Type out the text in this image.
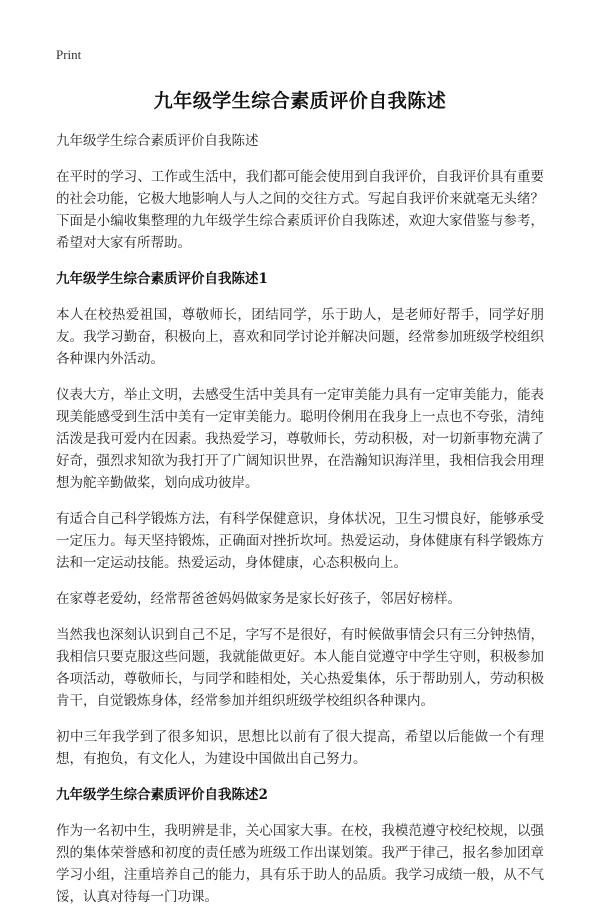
Print
九年级学生综合素质评价自我陈述
九年级学生综合素质评价自我陈述

在平时的学习、工作或生活中，我们都可能会使用到自我评价，自我评价具有重要的社会功能，它极大地影响人与人之间的交往方式。写起自我评价来就毫无头绪？下面是小编收集整理的九年级学生综合素质评价自我陈述，欢迎大家借鉴与参考，希望对大家有所帮助。

九年级学生综合素质评价自我陈述1

本人在校热爱祖国，尊敬师长，团结同学，乐于助人，是老师好帮手，同学好朋友。我学习勤奋，积极向上，喜欢和同学讨论并解决问题，经常参加班级学校组织各种课内外活动。

仪表大方，举止文明，去感受生活中美具有一定审美能力具有一定审美能力，能表现美能感受到生活中美有一定审美能力。聪明伶俐用在我身上一点也不夸张，清纯活泼是我可爱内在因素。我热爱学习，尊敬师长，劳动积极，对一切新事物充满了好奇，强烈求知欲为我打开了广阔知识世界，在浩瀚知识海洋里，我相信我会用理想为舵辛勤做桨，划向成功彼岸。

有适合自己科学锻炼方法，有科学保健意识，身体状况，卫生习惯良好，能够承受一定压力。每天坚持锻炼，正确面对挫折坎坷。热爱运动，身体健康有科学锻炼方法和一定运动技能。热爱运动，身体健康，心态积极向上。

在家尊老爱幼，经常帮爸爸妈妈做家务是家长好孩子，邻居好榜样。

当然我也深刻认识到自己不足，字写不是很好，有时候做事情会只有三分钟热情，我相信只要克服这些问题，我就能做更好。本人能自觉遵守中学生守则，积极参加各项活动，尊敬师长，与同学和睦相处，关心热爱集体，乐于帮助别人，劳动积极肯干，自觉锻炼身体，经常参加并组织班级学校组织各种课内。

初中三年我学到了很多知识，思想比以前有了很大提高，希望以后能做一个有理想，有抱负，有文化人，为建设中国做出自己努力。

九年级学生综合素质评价自我陈述2

作为一名初中生，我明辨是非，关心国家大事。在校，我模范遵守校纪校规，以强烈的集体荣誉感和初度的责任感为班级工作出谋划策。我严于律己，报名参加团章学习小组，注重培养自己的能力，具有乐于助人的品质。我学习成绩一般，从不气馁，认真对待每一门功课。
